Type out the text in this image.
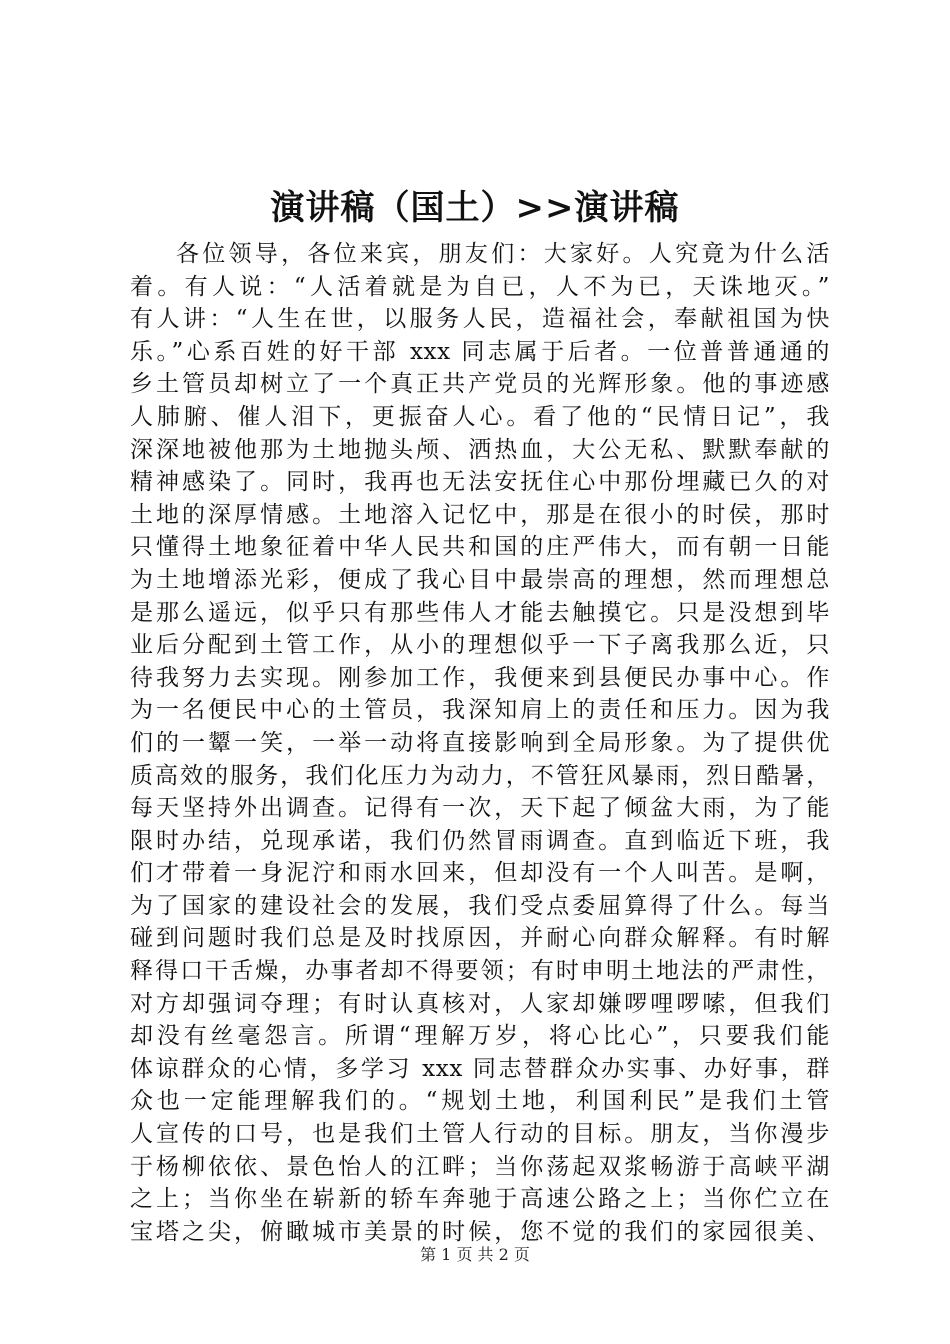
演讲稿（国土）>>演讲稿
各位领导，各位来宾，朋友们：大家好。人究竟为什么活
着。有人说：“人活着就是为自已，人不为已，天诛地灭。”
有人讲：“人生在世，以服务人民，造福社会，奉献祖国为快
乐。”心系百姓的好干部 xxx 同志属于后者。一位普普通通的
乡土管员却树立了一个真正共产党员的光辉形象。他的事迹感
人肺腑、催人泪下，更振奋人心。看了他的“民情日记”，我
深深地被他那为土地抛头颅、洒热血，大公无私、默默奉献的
精神感染了。同时，我再也无法安抚住心中那份埋藏已久的对
土地的深厚情感。土地溶入记忆中，那是在很小的时侯，那时
只懂得土地象征着中华人民共和国的庄严伟大，而有朝一日能
为土地增添光彩，便成了我心目中最崇高的理想，然而理想总
是那么遥远，似乎只有那些伟人才能去触摸它。只是没想到毕
业后分配到土管工作，从小的理想似乎一下子离我那么近，只
待我努力去实现。刚参加工作，我便来到县便民办事中心。作
为一名便民中心的土管员，我深知肩上的责任和压力。因为我
们的一颦一笑，一举一动将直接影响到全局形象。为了提供优
质高效的服务，我们化压力为动力，不管狂风暴雨，烈日酷暑，
每天坚持外出调查。记得有一次，天下起了倾盆大雨，为了能
限时办结，兑现承诺，我们仍然冒雨调查。直到临近下班，我
们才带着一身泥泞和雨水回来，但却没有一个人叫苦。是啊，
为了国家的建设社会的发展，我们受点委屈算得了什么。每当
碰到问题时我们总是及时找原因，并耐心向群众解释。有时解
释得口干舌燥，办事者却不得要领；有时申明土地法的严肃性，
对方却强词夺理；有时认真核对，人家却嫌啰哩啰嗦，但我们
却没有丝毫怨言。所谓“理解万岁，将心比心”，只要我们能
体谅群众的心情，多学习 xxx 同志替群众办实事、办好事，群
众也一定能理解我们的。“规划土地，利国利民”是我们土管
人宣传的口号，也是我们土管人行动的目标。朋友，当你漫步
于杨柳依依、景色怡人的江畔；当你荡起双浆畅游于高峡平湖
之上；当你坐在崭新的轿车奔驰于高速公路之上；当你伫立在
宝塔之尖，俯瞰城市美景的时候，您不觉的我们的家园很美、
第 1 页 共 2 页
